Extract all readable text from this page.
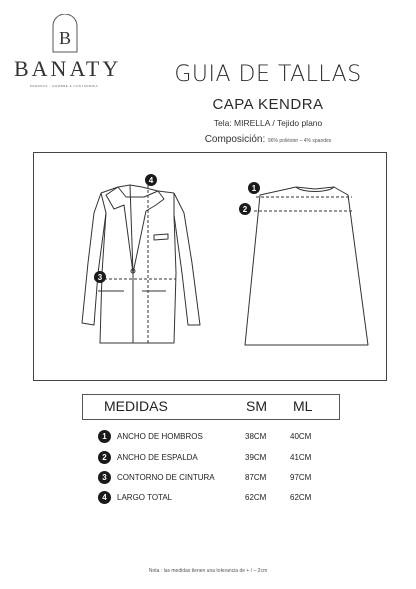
B
BANATY
PRENDAS - HOMBRE & COSTURERIA	GUIA DE TALLAS
CAPA KENDRA
Tela: MIRELLA / Tejido plano
Composición: 96% poliéster – 4% spandex
4
3
1
2
MEDIDAS	SM ML
1	ANCHO DE HOMBROS	38CM	40CM
2	ANCHO DE ESPALDA	39CM	41CM
3	CONTORNO DE CINTURA	87CM	97CM
4	LARGO TOTAL	62CM	62CM
Nota : las medidas tienen una tolerancia de + / – 2cm
